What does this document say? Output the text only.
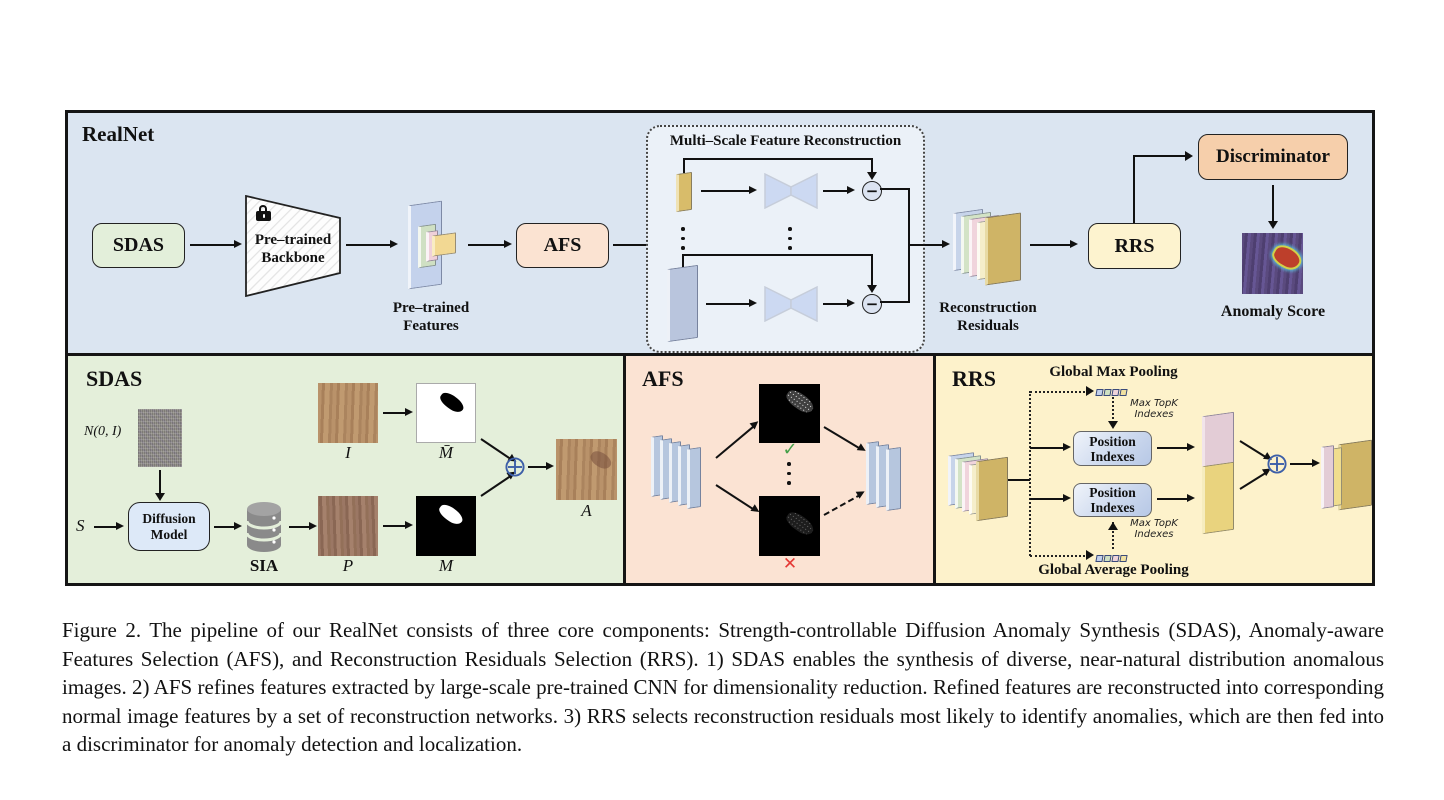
RealNet
SDAS	Pre–trained
Backbone
Pre–trained
Features
AFS
Multi–Scale Feature Reconstruction
−
−	Reconstruction
Residuals
RRS
Discriminator
Anomaly Score
SDAS
N(0, I)
Diffusion
Model
S
SIA	P
I	M̄
M
A
AFS
✓
✕
RRS	Global Max Pooling
Max TopK
Indexes
Position
Indexes
Position
Indexes
Max TopK
Indexes
Global Average Pooling
Figure 2. The pipeline of our RealNet consists of three core components: Strength-controllable Diffusion Anomaly Synthesis (SDAS), Anomaly-aware Features Selection (AFS), and Reconstruction Residuals Selection (RRS). 1) SDAS enables the synthesis of diverse, near-natural distribution anomalous images. 2) AFS refines features extracted by large-scale pre-trained CNN for dimensionality reduction. Refined features are reconstructed into corresponding normal image features by a set of reconstruction networks. 3) RRS selects reconstruction residuals most likely to identify anomalies, which are then fed into a discriminator for anomaly detection and localization.
